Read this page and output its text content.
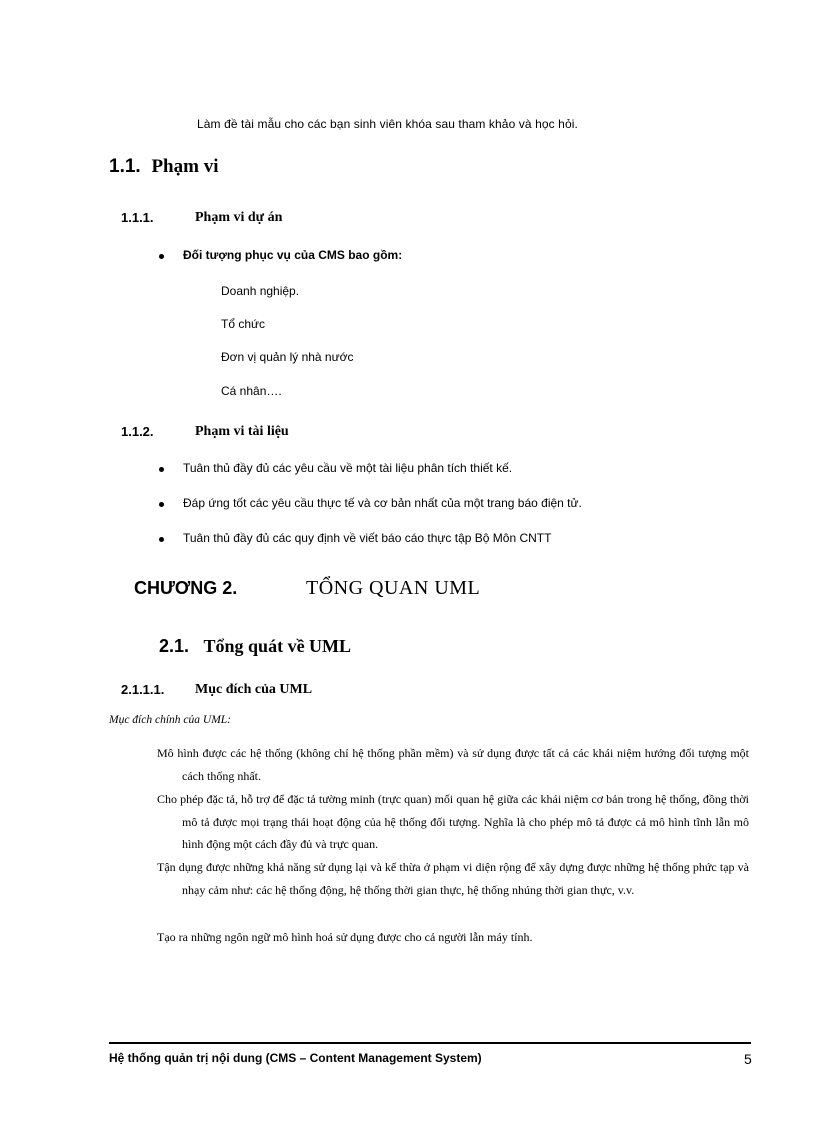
Làm đề tài mẫu cho các bạn sinh viên khóa sau tham khảo và học hỏi.
1.1. Phạm vi
1.1.1.	Phạm vi dự án
Đối tượng phục vụ của CMS bao gồm:
Doanh nghiệp.
Tổ chức
Đơn vị quản lý nhà nước
Cá nhân….
1.1.2.	Phạm vi tài liệu
Tuân thủ đầy đủ các yêu cầu về một tài liệu phân tích thiết kế.
Đáp ứng tốt các yêu cầu thực tế và cơ bản nhất của một trang báo điện tử.
Tuân thủ đầy đủ các quy định về viết báo cáo thực tập Bộ Môn CNTT
CHƯƠNG 2.	TỔNG QUAN UML
2.1. Tổng quát về UML
2.1.1.1. Mục đích của UML
Mục đích chính của UML:

Mô hình được các hệ thống (không chỉ hệ thống phần mềm) và sử dụng được tất cả các khái niệm hướng đối tượng một cách thống nhất.

Cho phép đặc tả, hỗ trợ để đặc tả tường minh (trực quan) mối quan hệ giữa các khái niệm cơ bản trong hệ thống, đồng thời mô tả được mọi trạng thái hoạt động của hệ thống đối tượng. Nghĩa là cho phép mô tả được cả mô hình tĩnh lẫn mô hình động một cách đầy đủ và trực quan.

Tận dụng được những khả năng sử dụng lại và kế thừa ở phạm vi diện rộng để xây dựng được những hệ thống phức tạp và nhạy cảm như: các hệ thống động, hệ thống thời gian thực, hệ thống nhúng thời gian thực, v.v.

Tạo ra những ngôn ngữ mô hình hoá sử dụng được cho cả người lẫn máy tính.

Hệ thống quản trị nội dung (CMS – Content Management System)	5
